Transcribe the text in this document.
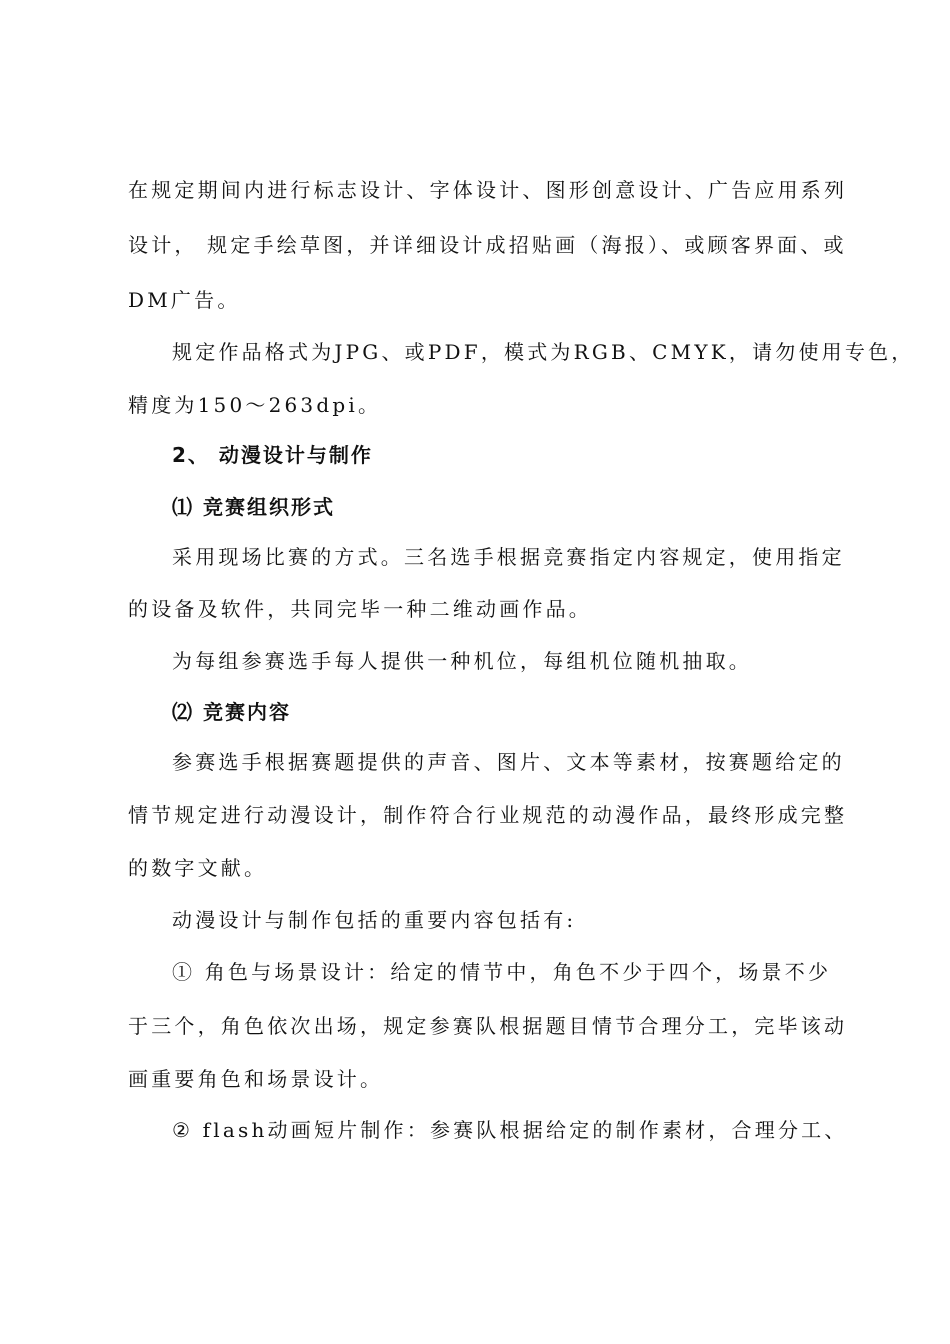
在规定期间内进行标志设计、字体设计、图形创意设计、广告应用系列
设计， 规定手绘草图，并详细设计成招贴画（海报）、或顾客界面、或
DM广告。
规定作品格式为JPG、或PDF，模式为RGB、CMYK，请勿使用专色，
精度为150～263dpi。
2、 动漫设计与制作
⑴ 竞赛组织形式
采用现场比赛的方式。三名选手根据竞赛指定内容规定，使用指定
的设备及软件，共同完毕一种二维动画作品。
为每组参赛选手每人提供一种机位，每组机位随机抽取。
⑵ 竞赛内容
参赛选手根据赛题提供的声音、图片、文本等素材，按赛题给定的
情节规定进行动漫设计，制作符合行业规范的动漫作品，最终形成完整
的数字文献。
动漫设计与制作包括的重要内容包括有:
① 角色与场景设计：给定的情节中，角色不少于四个，场景不少
于三个，角色依次出场，规定参赛队根据题目情节合理分工，完毕该动
画重要角色和场景设计。
② flash动画短片制作：参赛队根据给定的制作素材，合理分工、
